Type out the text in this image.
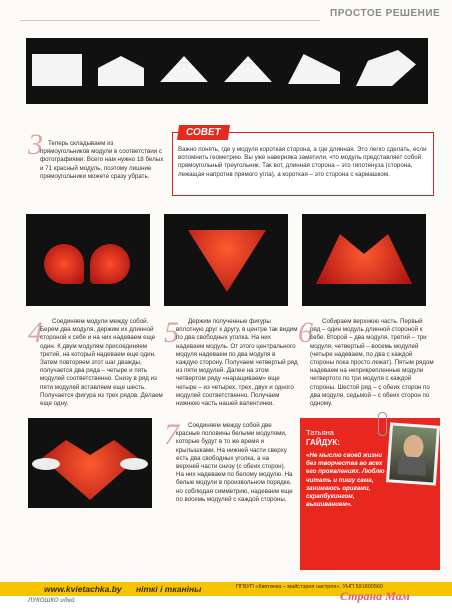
ПРОСТОЕ РЕШЕНИЕ
3 Теперь складываем из прямоугольников модули в соответствии с фотографиями. Всего нам нужно 18 белых и 71 красный модуль, поэтому лишние прямоугольники можете сразу убрать.
СОВЕТ
Важно понять, где у модуля короткая сторона, а где длинная. Это легко сделать, если вспомнить геометрию. Вы уже наверняка заметили, что модуль представляет собой прямоугольный треугольник. Так вот, длинная сторона – это гипотенуза (сторона, лежащая напротив прямого угла), а короткая – это сторона с кармашком.
4	Соединяем модули между собой. Берем два модуля, держим их длинной стороной к себе и на них надеваем еще один. К двум модулям присоединяем третий, на который надеваем еще один. Затем повторяем этот шаг дважды, получается два ряда – четыре и пять модулей соответственно. Снизу в ряд из пяти модулей вставляем еще шесть. Получается фигура из трех рядов. Делаем еще одну.
5	Держим полученные фигуры вплотную друг к другу, в центре так видим по два свободных уголка. На них надеваем модуль. От этого центрального модуля надеваем по два модуля в каждую сторону. Получаем четвертый ряд из пяти модулей. Далее на этом четвертом ряду «наращиваем» еще четыре – из четырех, трех, двух и одного модулей соответственно. Получаем нижнюю часть нашей валентинки.
6	Собираем верхнюю часть. Первый ряд – один модуль длинной стороной к себе. Второй – два модуля, третий – три модуля, четвертый – восемь модулей (четыре надеваем, по два с каждой стороны пока просто лежат). Пятым рядом надеваем на неприкрепленные модули четвертого по три модуля с каждой стороны. Шестой ряд – с обеих сторон по два модуля, седьмой – с обеих сторон по одному.
7	Соединяем между собой две красные половины белыми модулями, которые будут в то же время и крылышками. На нижней части сверху есть два свободных уголка, а на верхней части снизу (с обеих сторон). На них надеваем по белому модулю. На белые модули в произвольном порядке, но соблюдая симметрию, надеваем еще по восемь модулей с каждой стороны.
Татьяна
ГАЙДУК:
«Не мыслю своей жизни без творчества во всех его проявлениях. Люблю читать и пишу сама, занимаюсь оригами, скрапбукингом, вышиванием».
www.kvietachka.by ніткі і тканіны
ЛУКОШКО идей
ПГВУП «Кветачка – майстэрня настроя», УНП 591800560
Страна Мам
